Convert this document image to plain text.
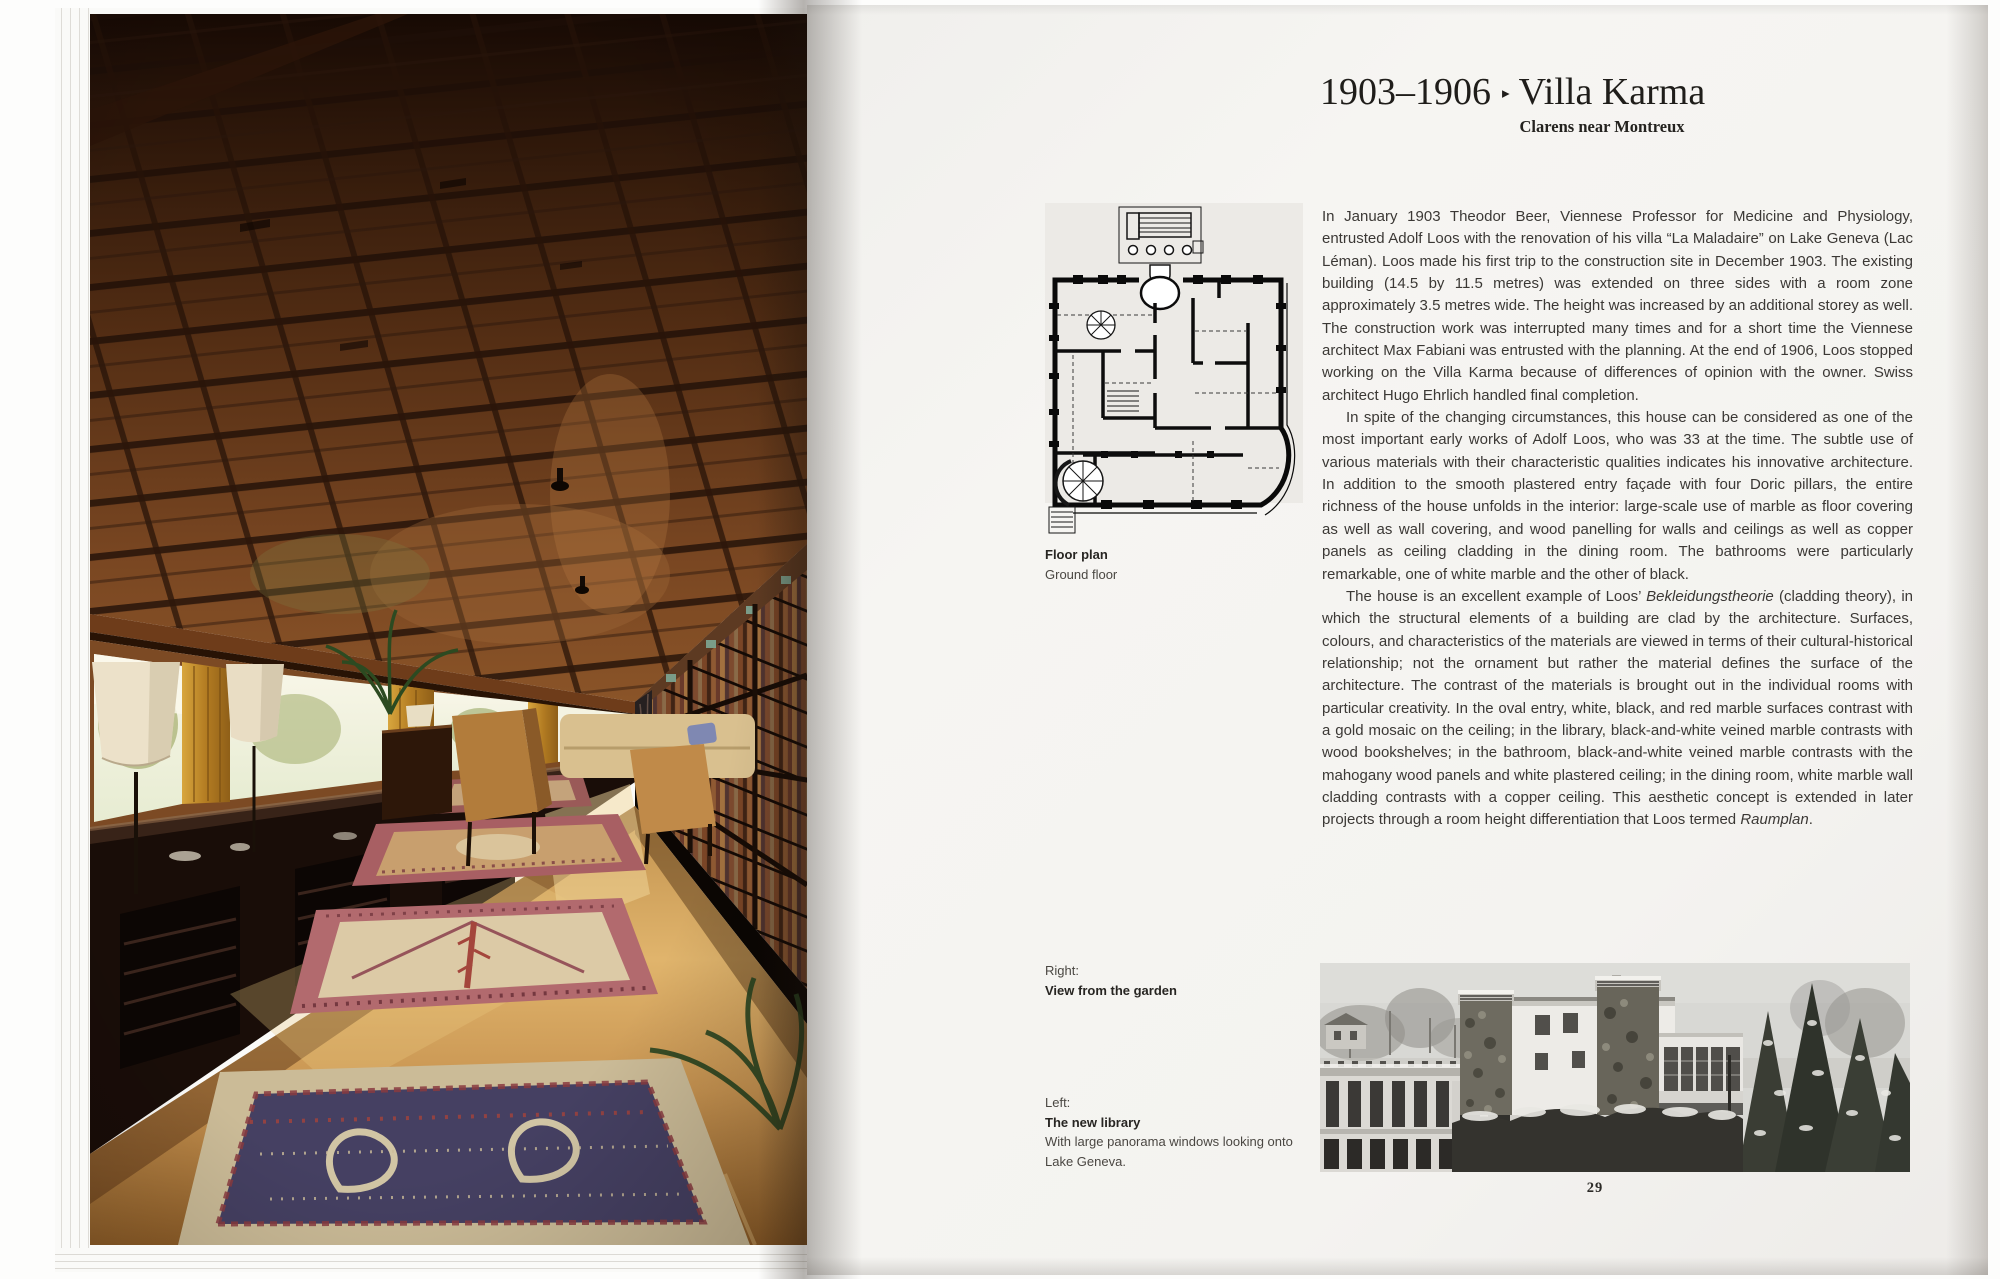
1903–1906 ▸ Villa Karma
Clarens near Montreux
Floor plan
Ground floor

In January 1903 Theodor Beer, Viennese Professor for Medicine and Physiology, entrusted Adolf Loos with the renovation of his villa “La Maladaire” on Lake Geneva (Lac Léman). Loos made his first trip to the construction site in December 1903. The existing building (14.5 by 11.5 metres) was extended on three sides with a room zone approximately 3.5 metres wide. The height was increased by an additional storey as well. The construction work was interrupted many times and for a short time the Viennese architect Max Fabiani was entrusted with the planning. At the end of 1906, Loos stopped working on the Villa Karma because of differences of opinion with the owner. Swiss architect Hugo Ehrlich handled final completion.

In spite of the changing circumstances, this house can be considered as one of the most important early works of Adolf Loos, who was 33 at the time. The subtle use of various materials with their characteristic qualities indicates his innovative architecture. In addition to the smooth plastered entry façade with four Doric pillars, the entire richness of the house unfolds in the interior: large-scale use of marble as floor covering as well as wall covering, and wood panelling for walls and ceilings as well as copper panels as ceiling cladding in the dining room. The bathrooms were particularly remarkable, one of white marble and the other of black.

The house is an excellent example of Loos’ Bekleidungstheorie (cladding theory), in which the structural elements of a building are clad by the architecture. Surfaces, colours, and characteristics of the materials are viewed in terms of their cultural-historical relationship; not the ornament but rather the material defines the surface of the architecture. The contrast of the materials is brought out in the individual rooms with particular creativity. In the oval entry, white, black, and red marble surfaces contrast with a gold mosaic on the ceiling; in the library, black-and-white veined marble contrasts with wood bookshelves; in the bathroom, black-and-white veined marble contrasts with the mahogany wood panels and white plastered ceiling; in the dining room, white marble wall cladding contrasts with a copper ceiling. This aesthetic concept is extended in later projects through a room height differentiation that Loos termed Raumplan.

Right:
View from the garden
Left:
The new library
With large panorama windows looking onto Lake Geneva.
29
